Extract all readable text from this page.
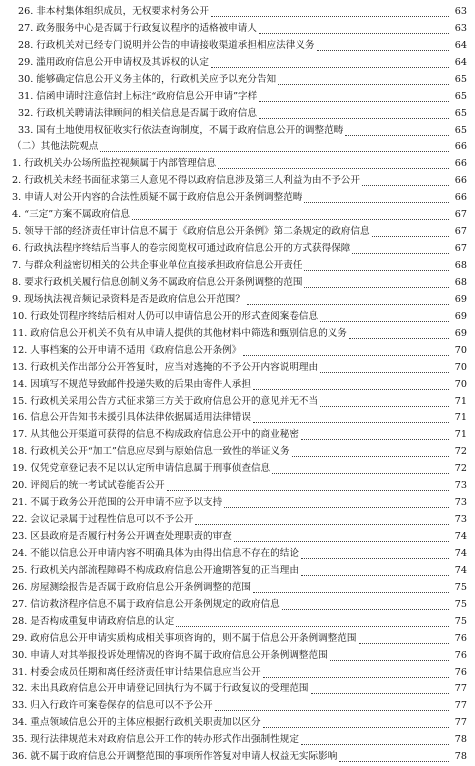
26. 非本村集体组织成员，无权要求村务公开	63
27. 政务服务中心是否属于行政复议程序的适格被申请人	63
28. 行政机关对已经专门说明并公告的申请接收渠道承担相应法律义务	64
29. 滥用政府信息公开申请权及其诉权的认定	64
30. 能够确定信息公开义务主体的，行政机关应予以充分告知	65
31. 信函申请时注意信封上标注“政府信息公开申请”字样	65
32. 行政机关聘请法律顾问的相关信息是否属于政府信息	65
33. 国有土地使用权征收实行依法查询制度，不属于政府信息公开的调整范畴	65
（二）其他法院观点	66
1. 行政机关办公场所监控视频属于内部管理信息	66
2. 行政机关未经书面征求第三人意见不得以政府信息涉及第三人利益为由不予公开	66
3. 申请人对公开内容的合法性质疑不属于政府信息公开条例调整范畴	66
4. “三定”方案不属政府信息	67
5. 领导干部的经济责任审计信息不属于《政府信息公开条例》第二条规定的政府信息	67
6. 行政执法程序终结后当事人的卷宗阅览权可通过政府信息公开的方式获得保障	67
7. 与群众利益密切相关的公共企事业单位直接承担政府信息公开责任	68
8. 要求行政机关履行信息创制义务不属政府信息公开条例调整的范围	68
9. 现场执法视音频记录资料是否是政府信息公开范围？	69
10. 行政处罚程序终结后相对人仍可以申请信息公开的形式查阅案卷信息	69
11. 政府信息公开机关不负有从申请人提供的其他材料中筛选和甄别信息的义务	69
12. 人事档案的公开申请不适用《政府信息公开条例》	70
13. 行政机关作出部分公开答复时，应当对逃掩的不予公开内容说明理由	70
14. 因填写不规范导致邮件投递失败的后果由寄件人承担	70
15. 行政机关采用公告方式征求第三方关于政府信息公开的意见并无不当	71
16. 信息公开告知书未援引具体法律依据属适用法律错误	71
17. 从其他公开渠道可获得的信息不构成政府信息公开中的商业秘密	71
18. 行政机关公开“加工”信息应尽到与原始信息一致性的举证义务	72
19. 仅凭党章登记表不足以认定所申请信息属于刑事侦查信息	72
20. 评阅后的统一考试试卷能否公开	73
21. 不属于政务公开范围的公开申请不应予以支持	73
22. 会议记录属于过程性信息可以不予公开	73
23. 区县政府是否履行村务公开调查处理职责的审查	74
24. 不能以信息公开申请内容不明确具体为由得出信息不存在的结论	74
25. 行政机关内部流程障碍不构成政府信息公开逾期答复的正当理由	74
26. 房屋测绘报告是否属于政府信息公开条例调整的范围	75
27. 信访救济程序信息不属于政府信息公开条例规定的政府信息	75
28. 是否构成重复申请政府信息的认定	75
29. 政府信息公开申请实质构成相关事项咨询的，则不属于信息公开条例调整范围	76
30. 申请人对其举报投诉处理情况的咨询不属于政府信息公开条例调整范围	76
31. 村委会成员任期和离任经济责任审计结果信息应当公开	76
32. 未出具政府信息公开申请登记回执行为不属于行政复议的受理范围	77
33. 归入行政许可案卷保存的信息可以不予公开	77
34. 重点领域信息公开的主体应根据行政机关职责加以区分	77
35. 现行法律规范未对政府信息公开工作的转办形式作出强制性规定	78
36. 就不属于政府信息公开调整范围的事项所作答复对申请人权益无实际影响	78
